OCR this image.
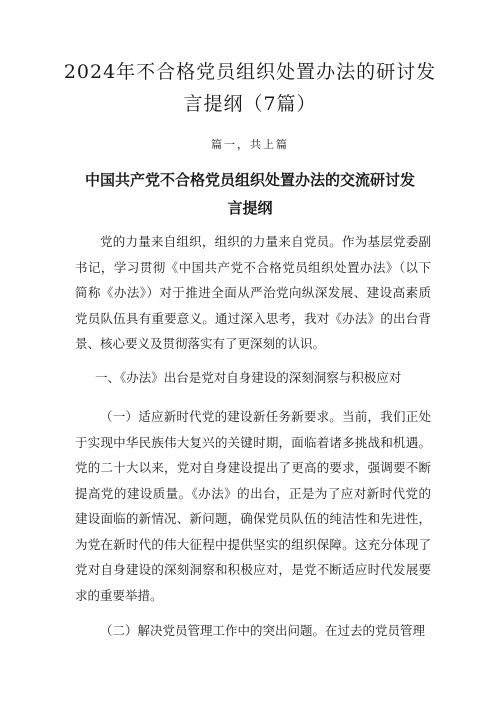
2024年不合格党员组织处置办法的研讨发言提纲（7篇）
篇一，共上篇
中国共产党不合格党员组织处置办法的交流研讨发言提纲

党的力量来自组织，组织的力量来自党员。作为基层党委副书记，学习贯彻《中国共产党不合格党员组织处置办法》（以下简称《办法》）对于推进全面从严治党向纵深发展、建设高素质党员队伍具有重要意义。通过深入思考，我对《办法》的出台背景、核心要义及贯彻落实有了更深刻的认识。

一、《办法》出台是党对自身建设的深刻洞察与积极应对

（一）适应新时代党的建设新任务新要求。当前，我们正处于实现中华民族伟大复兴的关键时期，面临着诸多挑战和机遇。党的二十大以来，党对自身建设提出了更高的要求，强调要不断提高党的建设质量。《办法》的出台，正是为了应对新时代党的建设面临的新情况、新问题，确保党员队伍的纯洁性和先进性，为党在新时代的伟大征程中提供坚实的组织保障。这充分体现了党对自身建设的深刻洞察和积极应对，是党不断适应时代发展要求的重要举措。

（二）解决党员管理工作中的突出问题。在过去的党员管理
